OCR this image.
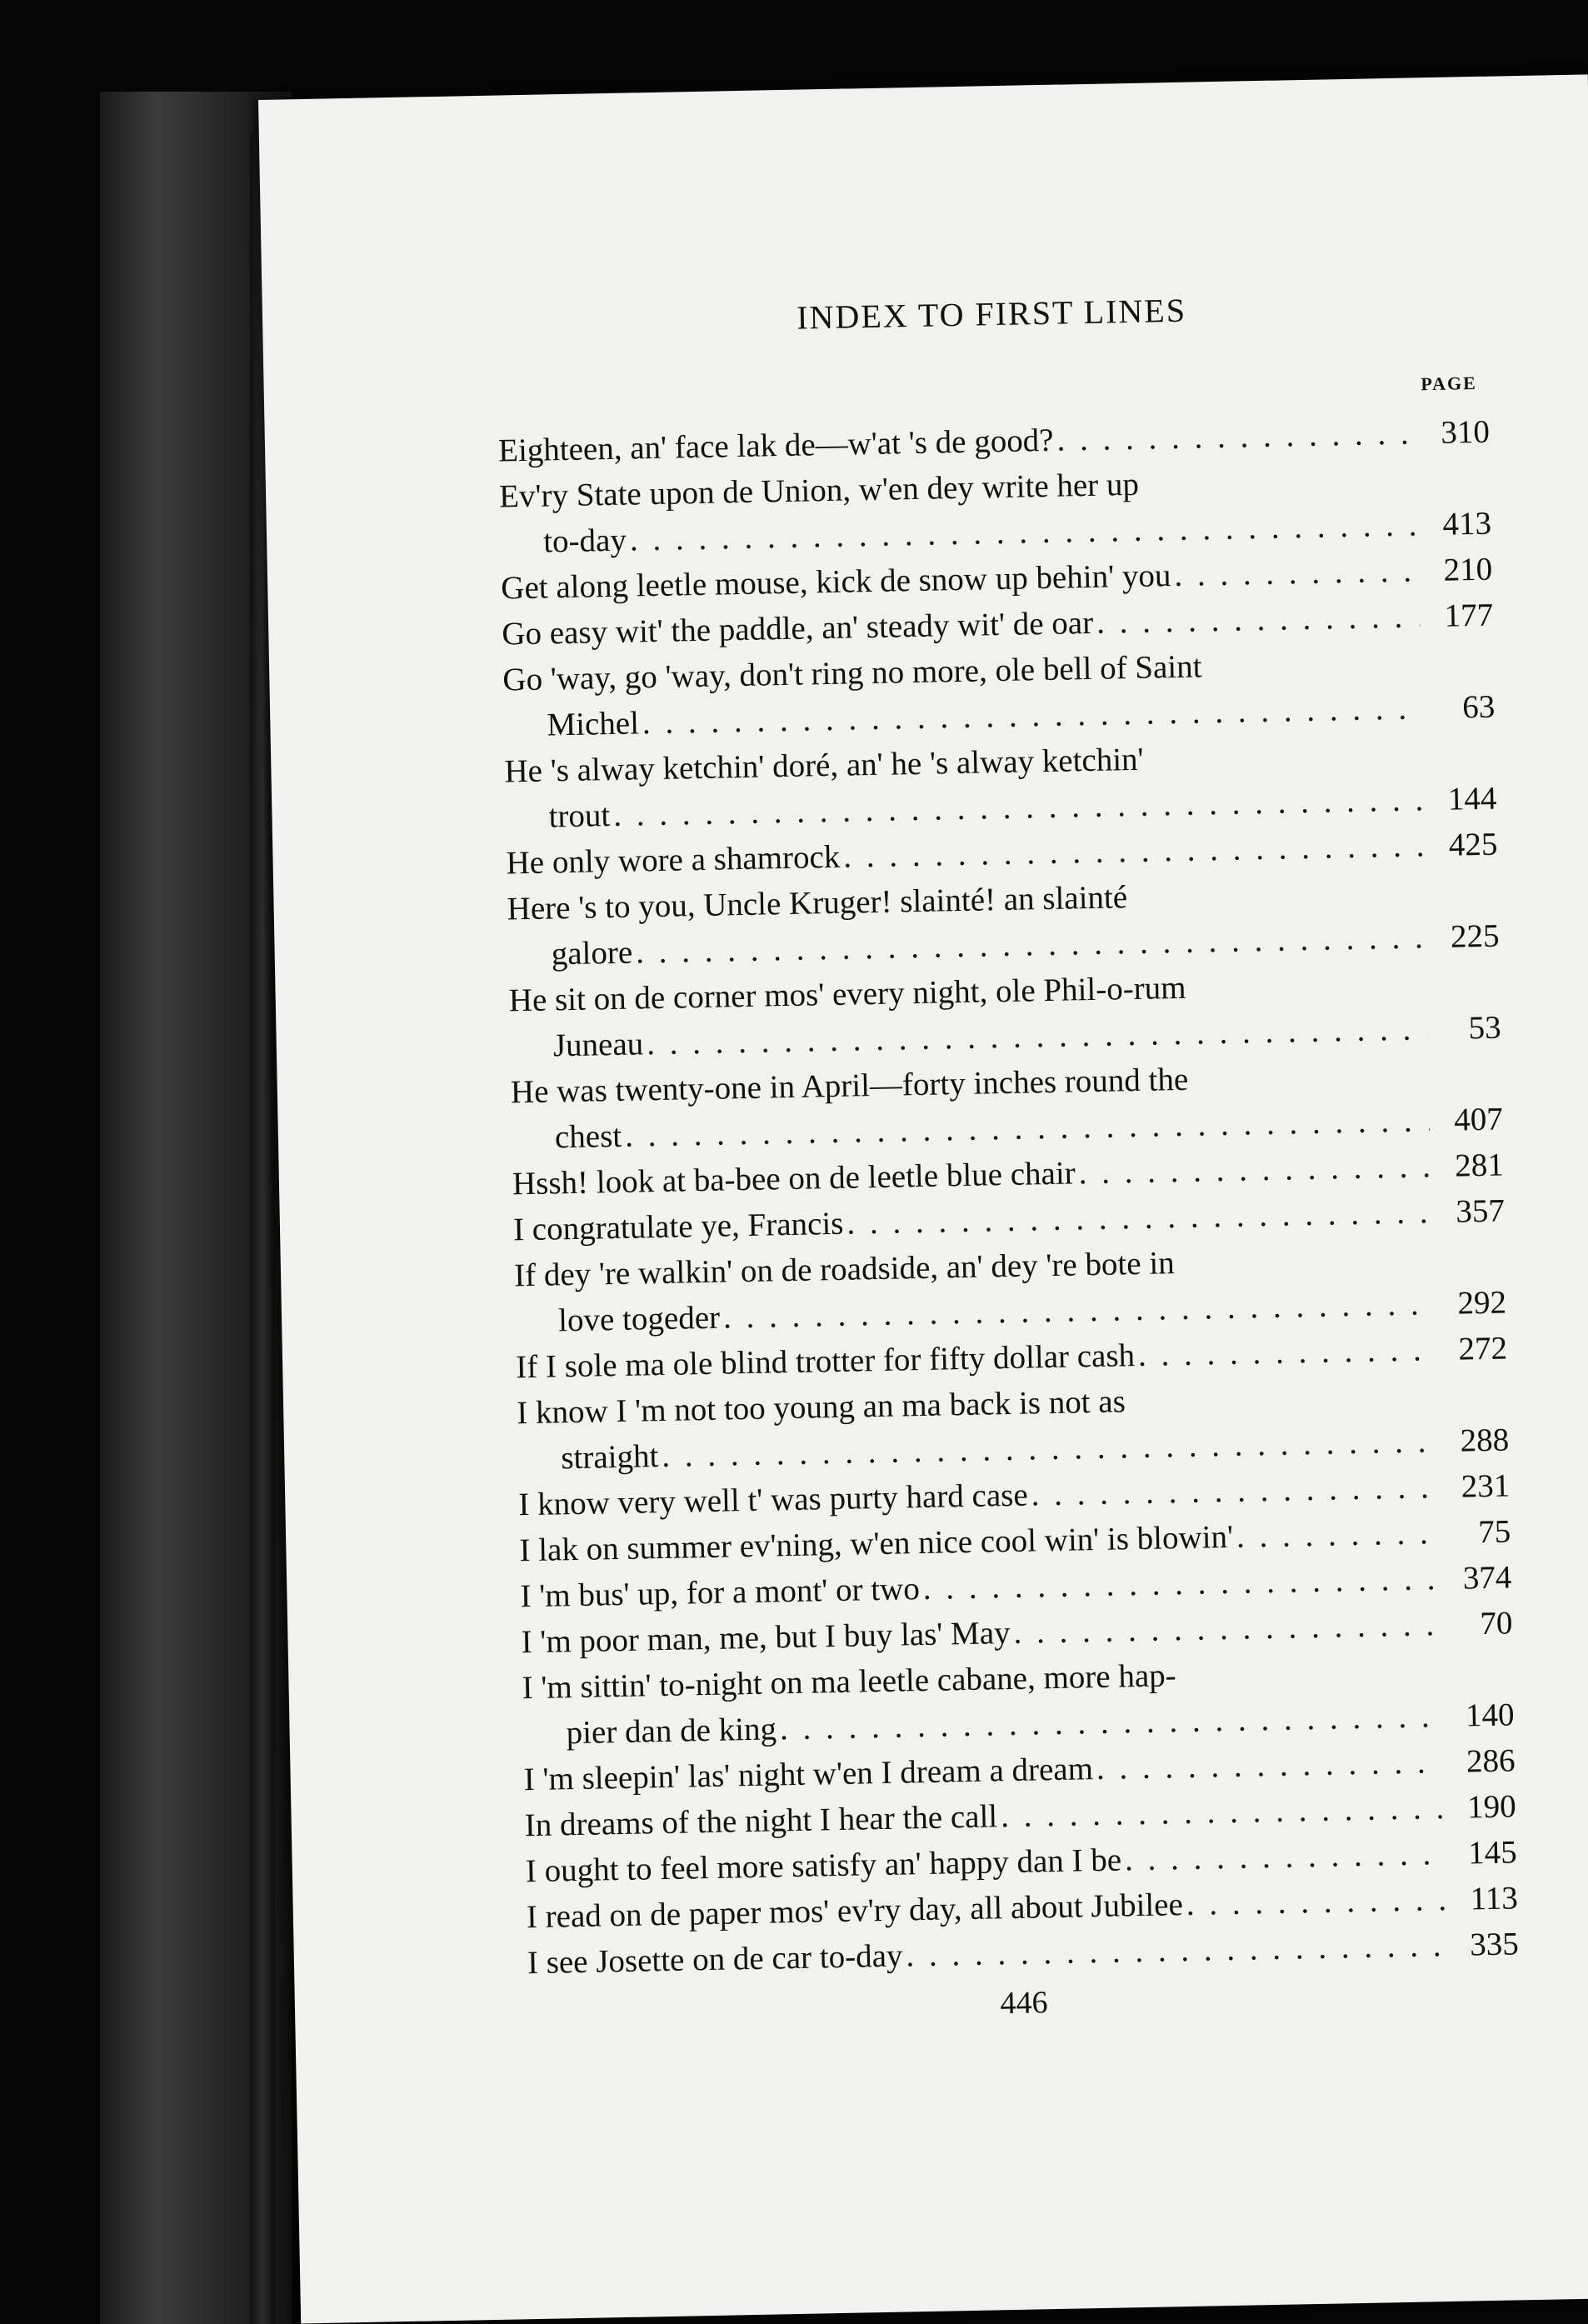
INDEX TO FIRST LINES
PAGE
Eighteen, an' face lak de—w'at 's de good? . . .	310
Ev'ry State upon de Union, w'en dey write her up
to-day . . .	413
Get along leetle mouse, kick de snow up behin' you . . .	210
Go easy wit' the paddle, an' steady wit' de oar . . .	177
Go 'way, go 'way, don't ring no more, ole bell of Saint
Michel . . .	63
He 's alway ketchin' doré, an' he 's alway ketchin'
trout . . .	144
He only wore a shamrock . . .	425
Here 's to you, Uncle Kruger! slainté! an slainté
galore . . .	225
He sit on de corner mos' every night, ole Phil-o-rum
Juneau . . .	53
He was twenty-one in April—forty inches round the
chest . . .	407
Hssh! look at ba-bee on de leetle blue chair . . .	281
I congratulate ye, Francis . . .	357
If dey 're walkin' on de roadside, an' dey 're bote in
love togeder . . .	292
If I sole ma ole blind trotter for fifty dollar cash . . .	272
I know I 'm not too young an ma back is not as
straight . . .	288
I know very well t' was purty hard case . . .	231
I lak on summer ev'ning, w'en nice cool win' is blowin' . . .	75
I 'm bus' up, for a mont' or two . . .	374
I 'm poor man, me, but I buy las' May . . .	70
I 'm sittin' to-night on ma leetle cabane, more hap-
pier dan de king . . .	140
I 'm sleepin' las' night w'en I dream a dream . . .	286
In dreams of the night I hear the call . . .	190
I ought to feel more satisfy an' happy dan I be . . .	145
I read on de paper mos' ev'ry day, all about Jubilee . . .	113
I see Josette on de car to-day . . .	335
446
